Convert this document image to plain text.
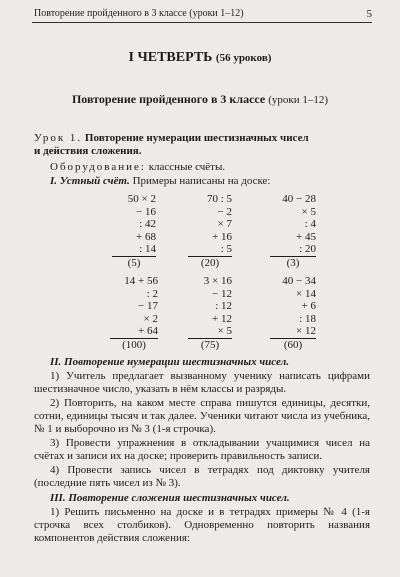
Повторение пройденного в 3 классе (уроки 1–12)	5
I ЧЕТВЕРТЬ (56 уроков)
Повторение пройденного в 3 классе (уроки 1–12)
Урок 1. Повторение нумерации шестизначных чисел
и действия сложения.
Оборудование: классные счёты.
I. Устный счёт. Примеры написаны на доске:
50 × 2
− 16
: 42
+ 68
: 14
(5)
70 : 5
− 2
× 7
+ 16
: 5
(20)
40 − 28
× 5
: 4
+ 45
: 20
(3)
14 + 56
: 2
− 17
× 2
+ 64
(100)
3 × 16
− 12
: 12
+ 12
× 5
(75)
40 − 34
× 14
+ 6
: 18
× 12
(60)
II. Повторение нумерации шестизначных чисел.
1) Учитель предлагает вызванному ученику написать цифрами шестизначное число, указать в нём классы и разряды.
2) Повторить, на каком месте справа пишутся единицы, десятки, сотни, единицы тысяч и так далее. Ученики читают числа из учебника, № 1 и выборочно из № 3 (1-я строчка).
3) Провести упражнения в откладывании учащимися чисел на счётах и записи их на доске; проверить правильность записи.
4) Провести запись чисел в тетрадях под диктовку учителя (последние пять чисел из № 3).
III. Повторение сложения шестизначных чисел.
1) Решить письменно на доске и в тетрадях примеры № 4 (1-я строчка всех столбиков). Одновременно повторить названия компонентов действия сложения:
